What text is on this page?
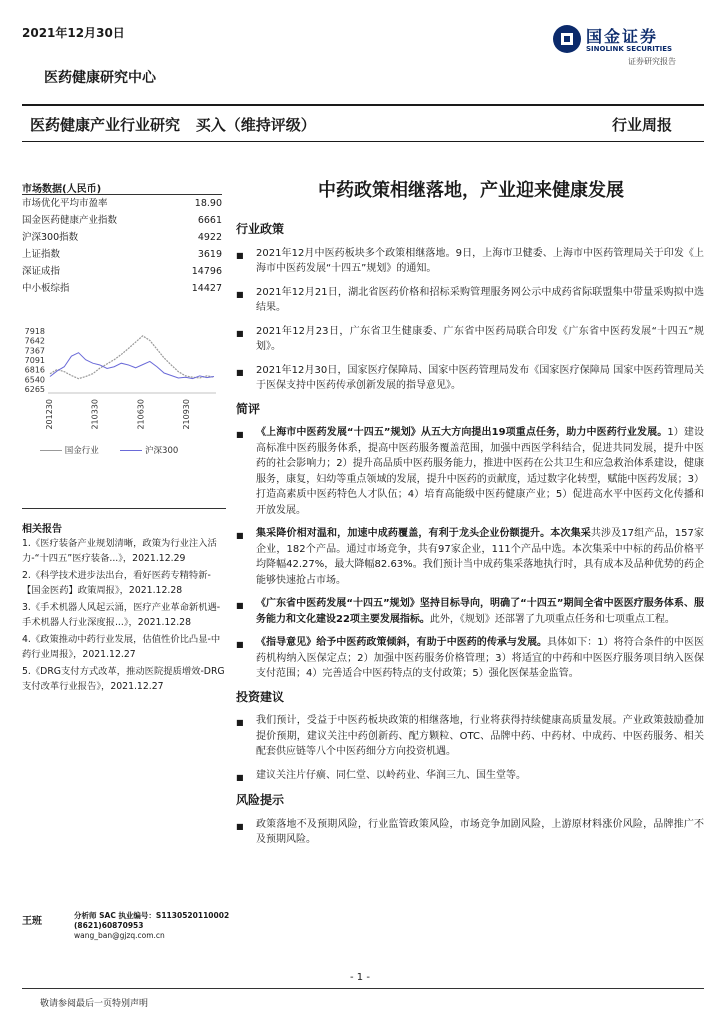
2021年12月30日	国金证券
SINOLINK SECURITIES
证券研究报告
医药健康研究中心
医药健康产业行业研究 买入（维持评级）	行业周报
中药政策相继落地，产业迎来健康发展
市场数据(人民币)
市场优化平均市盈率	18.90
国金医药健康产业指数	6661
沪深300指数	4922
上证指数	3619
深证成指	14796
中小板综指	14427
7918
7642
7367
7091
6816
6540
6265
201230	210330	210630	210930
国金行业	沪深300
相关报告

1.《医疗装备产业规划清晰，政策为行业注入活力-“十四五”医疗装备...》，2021.12.29

2.《科学技术进步法出台，看好医药专精特新-【国金医药】政策周报》，2021.12.28

3.《手术机器人风起云涌，医疗产业革命新机遇-手术机器人行业深度报...》，2021.12.28

4.《政策推动中药行业发展，估值性价比凸显-中药行业周报》，2021.12.27

5.《DRG支付方式改革，推动医院提质增效-DRG支付改革行业报告》，2021.12.27

王班
分析师 SAC 执业编号：S1130520110002
(8621)60870953
wang_ban@gjzq.com.cn
行业政策
■	2021年12月中医药板块多个政策相继落地。9日，上海市卫健委、上海市中医药管理局关于印发《上海市中医药发展“十四五”规划》的通知。
■	2021年12月21日，湖北省医药价格和招标采购管理服务网公示中成药省际联盟集中带量采购拟中选结果。
■	2021年12月23日，广东省卫生健康委、广东省中医药局联合印发《广东省中医药发展“十四五”规划》。
■	2021年12月30日，国家医疗保障局、国家中医药管理局发布《国家医疗保障局 国家中医药管理局关于医保支持中医药传承创新发展的指导意见》。
简评
■	《上海市中医药发展“十四五”规划》从五大方向提出19项重点任务，助力中医药行业发展。1）建设高标准中医药服务体系，提高中医药服务覆盖范围，加强中西医学科结合，促进共同发展，提升中医药的社会影响力；2）提升高品质中医药服务能力，推进中医药在公共卫生和应急救治体系建设，健康服务，康复，妇幼等重点领域的发展，提升中医药的贡献度，适过数字化转型，赋能中医药发展；3）打造高素质中医药特色人才队伍；4）培育高能级中医药健康产业；5）促进高水平中医药文化传播和开放发展。
■	集采降价相对温和，加速中成药覆盖，有利于龙头企业份额提升。本次集采共涉及17组产品，157家企业，182个产品。通过市场竞争，共有97家企业，111个产品中选。本次集采中中标的药品价格平均降幅42.27%，最大降幅82.63%。我们预计当中成药集采落地执行时，具有成本及品种优势的药企能够快速抢占市场。
■	《广东省中医药发展“十四五”规划》坚持目标导向，明确了“十四五”期间全省中医医疗服务体系、服务能力和文化建设22项主要发展指标。此外，《规划》还部署了九项重点任务和七项重点工程。
■	《指导意见》给予中医药政策倾斜，有助于中医药的传承与发展。具体如下：1）将符合条件的中医医药机构纳入医保定点；2）加强中医药服务价格管理；3）将适宜的中药和中医医疗服务项目纳入医保支付范围；4）完善适合中医药特点的支付政策；5）强化医保基金监管。
投资建议
■	我们预计，受益于中医药板块政策的相继落地，行业将获得持续健康高质量发展。产业政策鼓励叠加提价预期，建议关注中药创新药、配方颗粒、OTC、品牌中药、中药材、中成药、中医药服务、相关配套供应链等八个中医药细分方向投资机遇。
■	建议关注片仔癀、同仁堂、以岭药业、华润三九、国生堂等。
风险提示
■	政策落地不及预期风险，行业监管政策风险，市场竞争加剧风险，上游原材料涨价风险，品牌推广不及预期风险。
- 1 -
敬请参阅最后一页特别声明
